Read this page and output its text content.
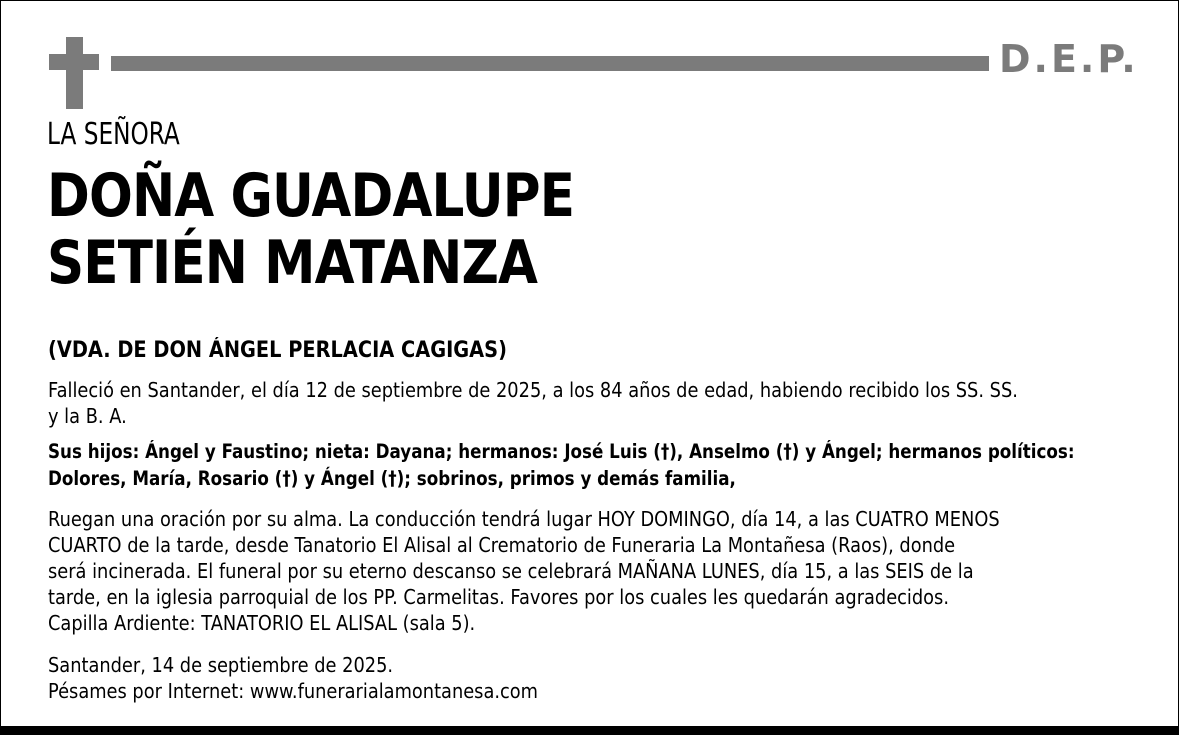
D.E.P.
LA SEÑORA
DOÑA GUADALUPE
SETIÉN MATANZA
(VDA. DE DON ÁNGEL PERLACIA CAGIGAS)
Falleció en Santander, el día 12 de septiembre de 2025, a los 84 años de edad, habiendo recibido los SS. SS.
y la B. A.
Sus hijos: Ángel y Faustino; nieta: Dayana; hermanos: José Luis (†), Anselmo (†) y Ángel; hermanos políticos:
Dolores, María, Rosario (†) y Ángel (†); sobrinos, primos y demás familia,
Ruegan una oración por su alma. La conducción tendrá lugar HOY DOMINGO, día 14, a las CUATRO MENOS
CUARTO de la tarde, desde Tanatorio El Alisal al Crematorio de Funeraria La Montañesa (Raos), donde
será incinerada. El funeral por su eterno descanso se celebrará MAÑANA LUNES, día 15, a las SEIS de la
tarde, en la iglesia parroquial de los PP. Carmelitas. Favores por los cuales les quedarán agradecidos.
Capilla Ardiente: TANATORIO EL ALISAL (sala 5).
Santander, 14 de septiembre de 2025.
Pésames por Internet: www.funerarialamontanesa.com
